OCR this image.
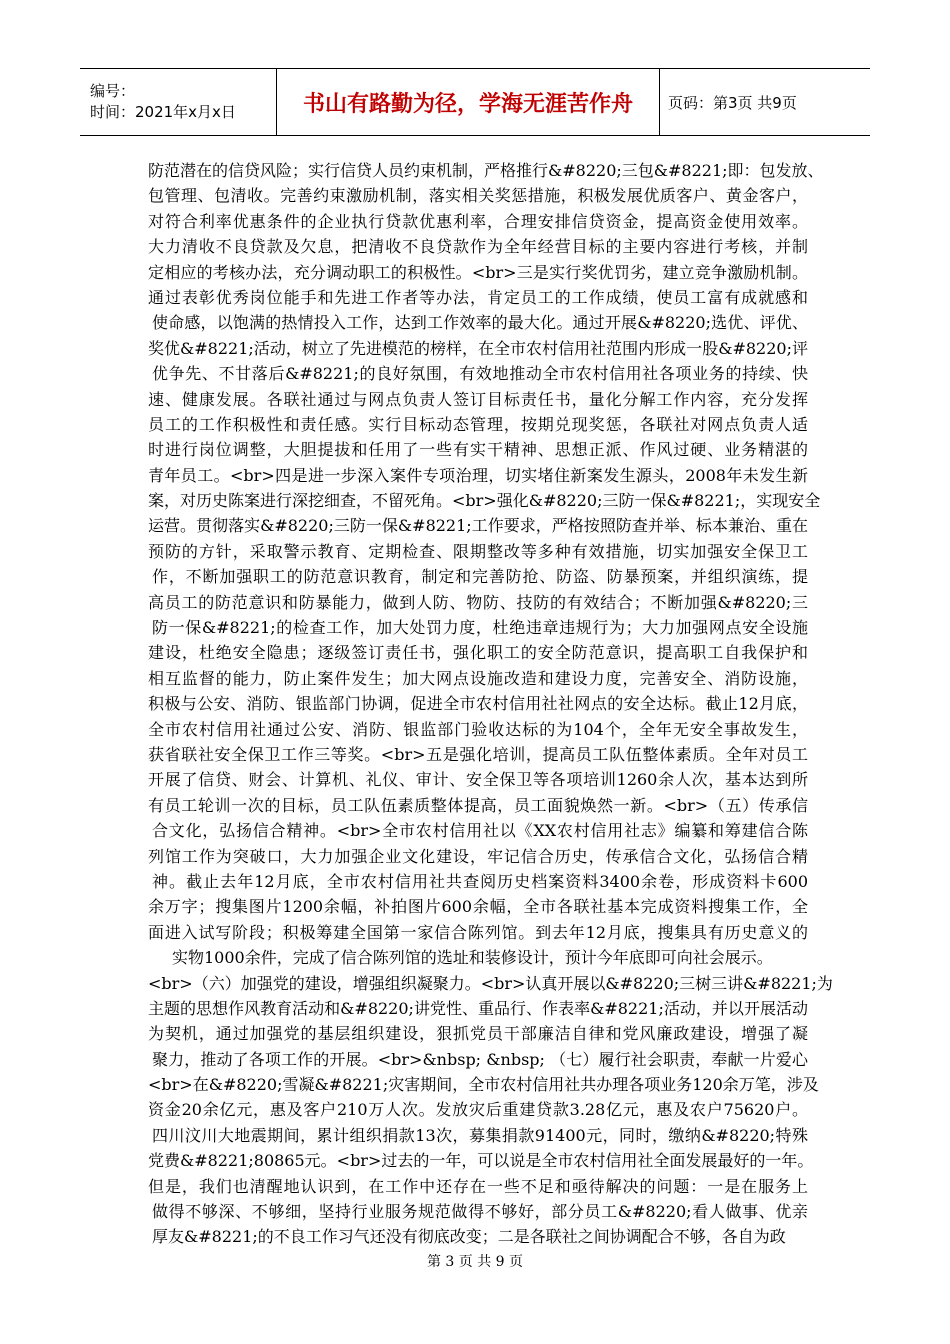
编号：
时间：2021年x月x日	书山有路勤为径，学海无涯苦作舟	页码：第3页 共9页
防范潜在的信贷风险；实行信贷人员约束机制，严格推行&#8220;三包&#8221;即：包发放、
包管理、包清收。完善约束激励机制，落实相关奖惩措施，积极发展优质客户、黄金客户，
对符合利率优惠条件的企业执行贷款优惠利率，合理安排信贷资金，提高资金使用效率。
大力清收不良贷款及欠息，把清收不良贷款作为全年经营目标的主要内容进行考核，并制
定相应的考核办法，充分调动职工的积极性。<br>三是实行奖优罚劣，建立竞争激励机制。
通过表彰优秀岗位能手和先进工作者等办法，肯定员工的工作成绩，使员工富有成就感和
使命感，以饱满的热情投入工作，达到工作效率的最大化。通过开展&#8220;选优、评优、
奖优&#8221;活动，树立了先进模范的榜样，在全市农村信用社范围内形成一股&#8220;评
优争先、不甘落后&#8221;的良好氛围，有效地推动全市农村信用社各项业务的持续、快
速、健康发展。各联社通过与网点负责人签订目标责任书，量化分解工作内容，充分发挥
员工的工作积极性和责任感。实行目标动态管理，按期兑现奖惩，各联社对网点负责人适
时进行岗位调整，大胆提拔和任用了一些有实干精神、思想正派、作风过硬、业务精湛的
青年员工。<br>四是进一步深入案件专项治理，切实堵住新案发生源头，2008年未发生新
案，对历史陈案进行深挖细查，不留死角。<br>强化&#8220;三防一保&#8221;，实现安全
运营。贯彻落实&#8220;三防一保&#8221;工作要求，严格按照防查并举、标本兼治、重在
预防的方针，采取警示教育、定期检查、限期整改等多种有效措施，切实加强安全保卫工
作，不断加强职工的防范意识教育，制定和完善防抢、防盗、防暴预案，并组织演练，提
高员工的防范意识和防暴能力，做到人防、物防、技防的有效结合；不断加强&#8220;三
防一保&#8221;的检查工作，加大处罚力度，杜绝违章违规行为；大力加强网点安全设施
建设，杜绝安全隐患；逐级签订责任书，强化职工的安全防范意识，提高职工自我保护和
相互监督的能力，防止案件发生；加大网点设施改造和建设力度，完善安全、消防设施，
积极与公安、消防、银监部门协调，促进全市农村信用社社网点的安全达标。截止12月底，
全市农村信用社通过公安、消防、银监部门验收达标的为104个，全年无安全事故发生，
获省联社安全保卫工作三等奖。<br>五是强化培训，提高员工队伍整体素质。全年对员工
开展了信贷、财会、计算机、礼仪、审计、安全保卫等各项培训1260余人次，基本达到所
有员工轮训一次的目标，员工队伍素质整体提高，员工面貌焕然一新。<br>（五）传承信
合文化，弘扬信合精神。<br>全市农村信用社以《XX农村信用社志》编纂和筹建信合陈
列馆工作为突破口，大力加强企业文化建设，牢记信合历史，传承信合文化，弘扬信合精
神。截止去年12月底，全市农村信用社共查阅历史档案资料3400余卷，形成资料卡600
余万字；搜集图片1200余幅，补拍图片600余幅，全市各联社基本完成资料搜集工作，全
面进入试写阶段；积极筹建全国第一家信合陈列馆。到去年12月底，搜集具有历史意义的
实物1000余件，完成了信合陈列馆的选址和装修设计，预计今年底即可向社会展示。
<br>（六）加强党的建设，增强组织凝聚力。<br>认真开展以&#8220;三树三讲&#8221;为
主题的思想作风教育活动和&#8220;讲党性、重品行、作表率&#8221;活动，并以开展活动
为契机，通过加强党的基层组织建设，狠抓党员干部廉洁自律和党风廉政建设，增强了凝
聚力，推动了各项工作的开展。<br>&nbsp; &nbsp; （七）履行社会职责，奉献一片爱心
<br>在&#8220;雪凝&#8221;灾害期间，全市农村信用社共办理各项业务120余万笔，涉及
资金20余亿元，惠及客户210万人次。发放灾后重建贷款3.28亿元，惠及农户75620户。
四川汶川大地震期间，累计组织捐款13次，募集捐款91400元，同时，缴纳&#8220;特殊
党费&#8221;80865元。<br>过去的一年，可以说是全市农村信用社全面发展最好的一年。
但是，我们也清醒地认识到，在工作中还存在一些不足和亟待解决的问题：一是在服务上
做得不够深、不够细，坚持行业服务规范做得不够好，部分员工&#8220;看人做事、优亲
厚友&#8221;的不良工作习气还没有彻底改变；二是各联社之间协调配合不够，各自为政
第 3 页 共 9 页
